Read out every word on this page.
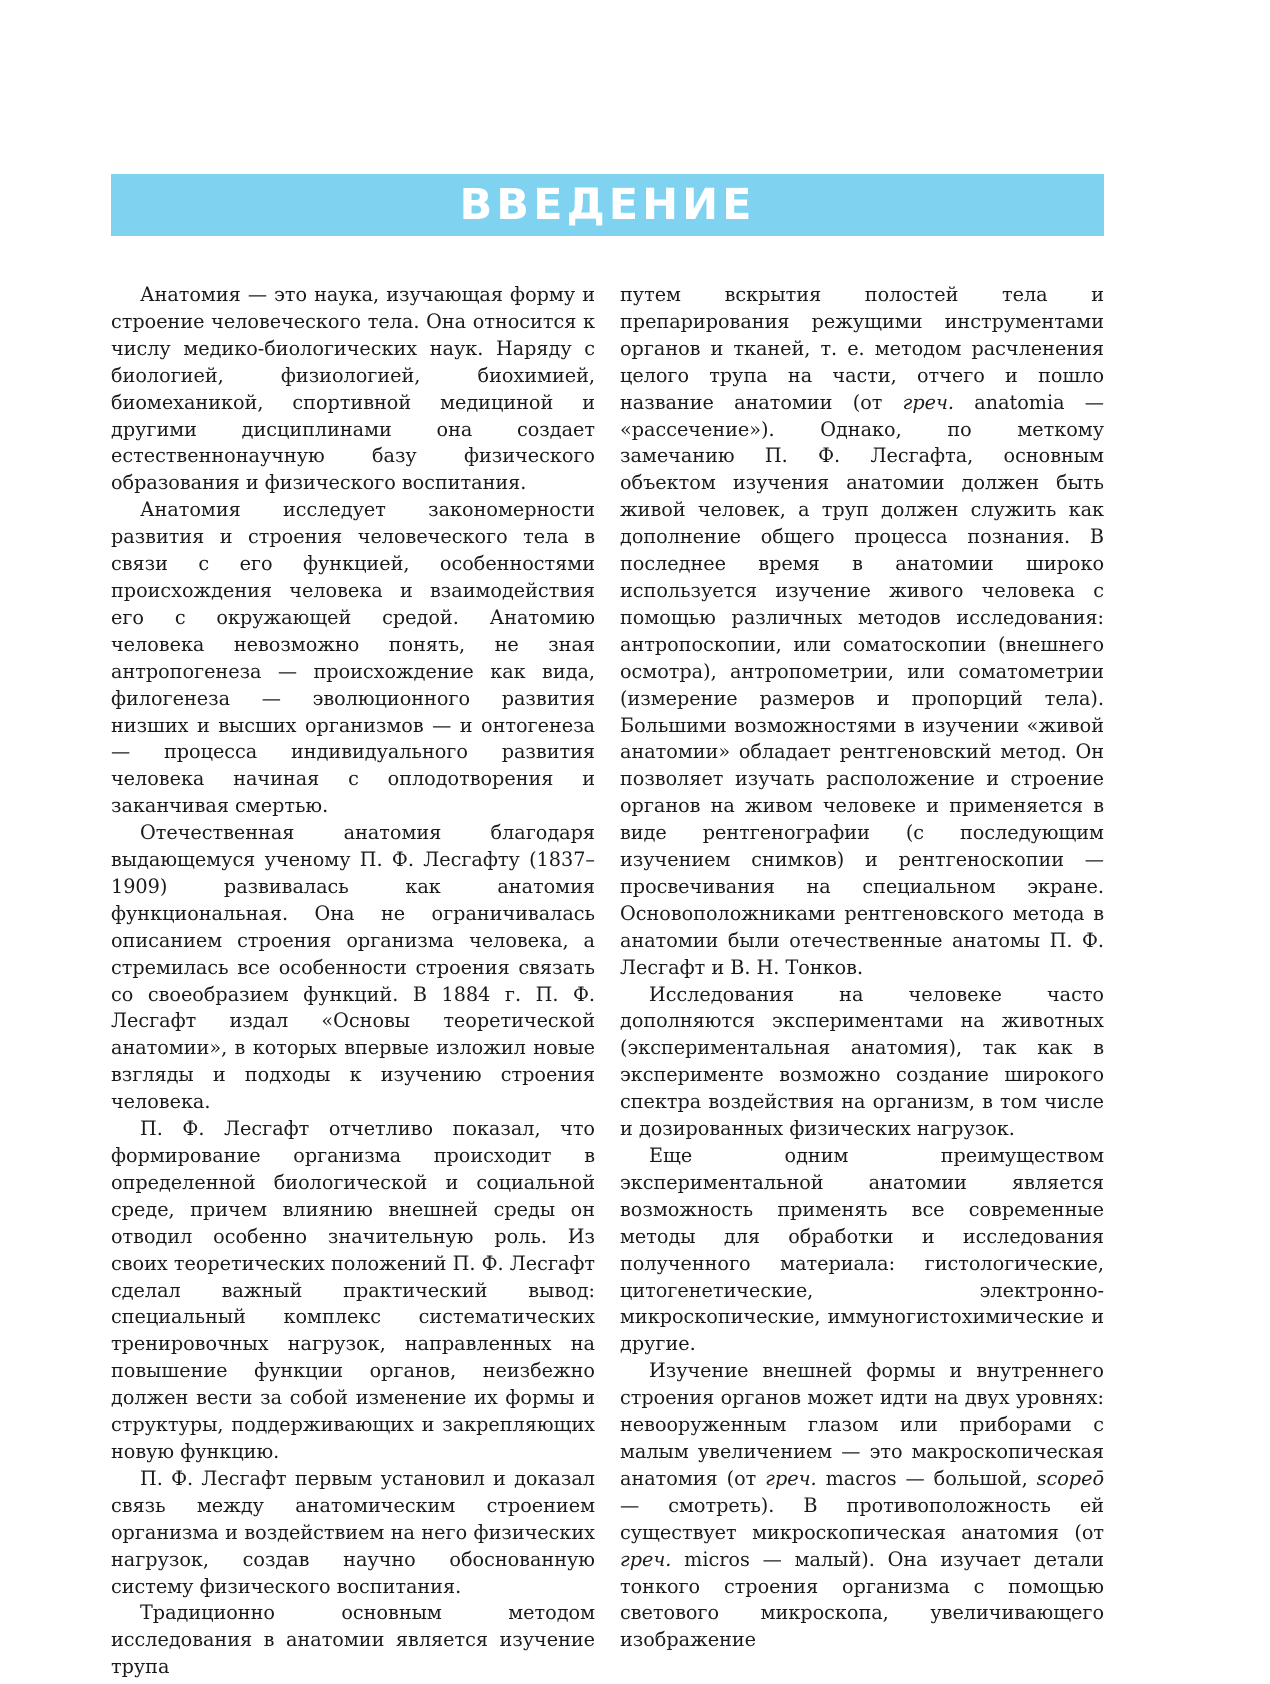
ВВЕДЕНИЕ

Анатомия — это наука, изучающая форму и строение человеческого тела. Она относится к числу медико-биологических наук. Наряду с биологией, физиологией, биохимией, биомеханикой, спортивной медициной и другими дисциплинами она создает естественнонаучную базу физического образования и физического воспитания.

Анатомия исследует закономерности развития и строения человеческого тела в связи с его функцией, особенностями происхождения человека и взаимодействия его с окружающей средой. Анатомию человека невозможно понять, не зная антропогенеза — происхождение как вида, филогенеза — эволюционного развития низших и высших организмов — и онтогенеза — процесса индивидуального развития человека начиная с оплодотворения и заканчивая смертью.

Отечественная анатомия благодаря выдающемуся ученому П. Ф. Лесгафту (1837–1909) развивалась как анатомия функциональная. Она не ограничивалась описанием строения организма человека, а стремилась все особенности строения связать со своеобразием функций. В 1884 г. П. Ф. Лесгафт издал «Основы теоретической анатомии», в которых впервые изложил новые взгляды и подходы к изучению строения человека.

П. Ф. Лесгафт отчетливо показал, что формирование организма происходит в определенной биологической и социальной среде, причем влиянию внешней среды он отводил особенно значительную роль. Из своих теоретических положений П. Ф. Лесгафт сделал важный практический вывод: специальный комплекс систематических тренировочных нагрузок, направленных на повышение функции органов, неизбежно должен вести за собой изменение их формы и структуры, поддерживающих и закрепляющих новую функцию.

П. Ф. Лесгафт первым установил и доказал связь между анатомическим строением организма и воздействием на него физических нагрузок, создав научно обоснованную систему физического воспитания.

Традиционно основным методом исследования в анатомии является изучение трупа

путем вскрытия полостей тела и препарирования режущими инструментами органов и тканей, т. е. методом расчленения целого трупа на части, отчего и пошло название анатомии (от греч. anatomia — «рассечение»). Однако, по меткому замечанию П. Ф. Лесгафта, основным объектом изучения анатомии должен быть живой человек, а труп должен служить как дополнение общего процесса познания. В последнее время в анатомии широко используется изучение живого человека с помощью различных методов исследования: антропоскопии, или соматоскопии (внешнего осмотра), антропометрии, или соматометрии (измерение размеров и пропорций тела). Большими возможностями в изучении «живой анатомии» обладает рентгеновский метод. Он позволяет изучать расположение и строение органов на живом человеке и применяется в виде рентгенографии (с последующим изучением снимков) и рентгеноскопии — просвечивания на специальном экране. Основоположниками рентгеновского метода в анатомии были отечественные анатомы П. Ф. Лесгафт и В. Н. Тонков.

Исследования на человеке часто дополняются экспериментами на животных (экспериментальная анатомия), так как в эксперименте возможно создание широкого спектра воздействия на организм, в том числе и дозированных физических нагрузок.

Еще одним преимуществом экспериментальной анатомии является возможность применять все современные методы для обработки и исследования полученного материала: гистологические, цитогенетические, электронно-микроскопические, иммуногистохимические и другие.

Изучение внешней формы и внутреннего строения органов может идти на двух уровнях: невооруженным глазом или приборами с малым увеличением — это макроскопическая анатомия (от греч. macros — большой, scopeō — смотреть). В противоположность ей существует микроскопическая анатомия (от греч. micros — малый). Она изучает детали тонкого строения организма с помощью светового микроскопа, увеличивающего изображение
